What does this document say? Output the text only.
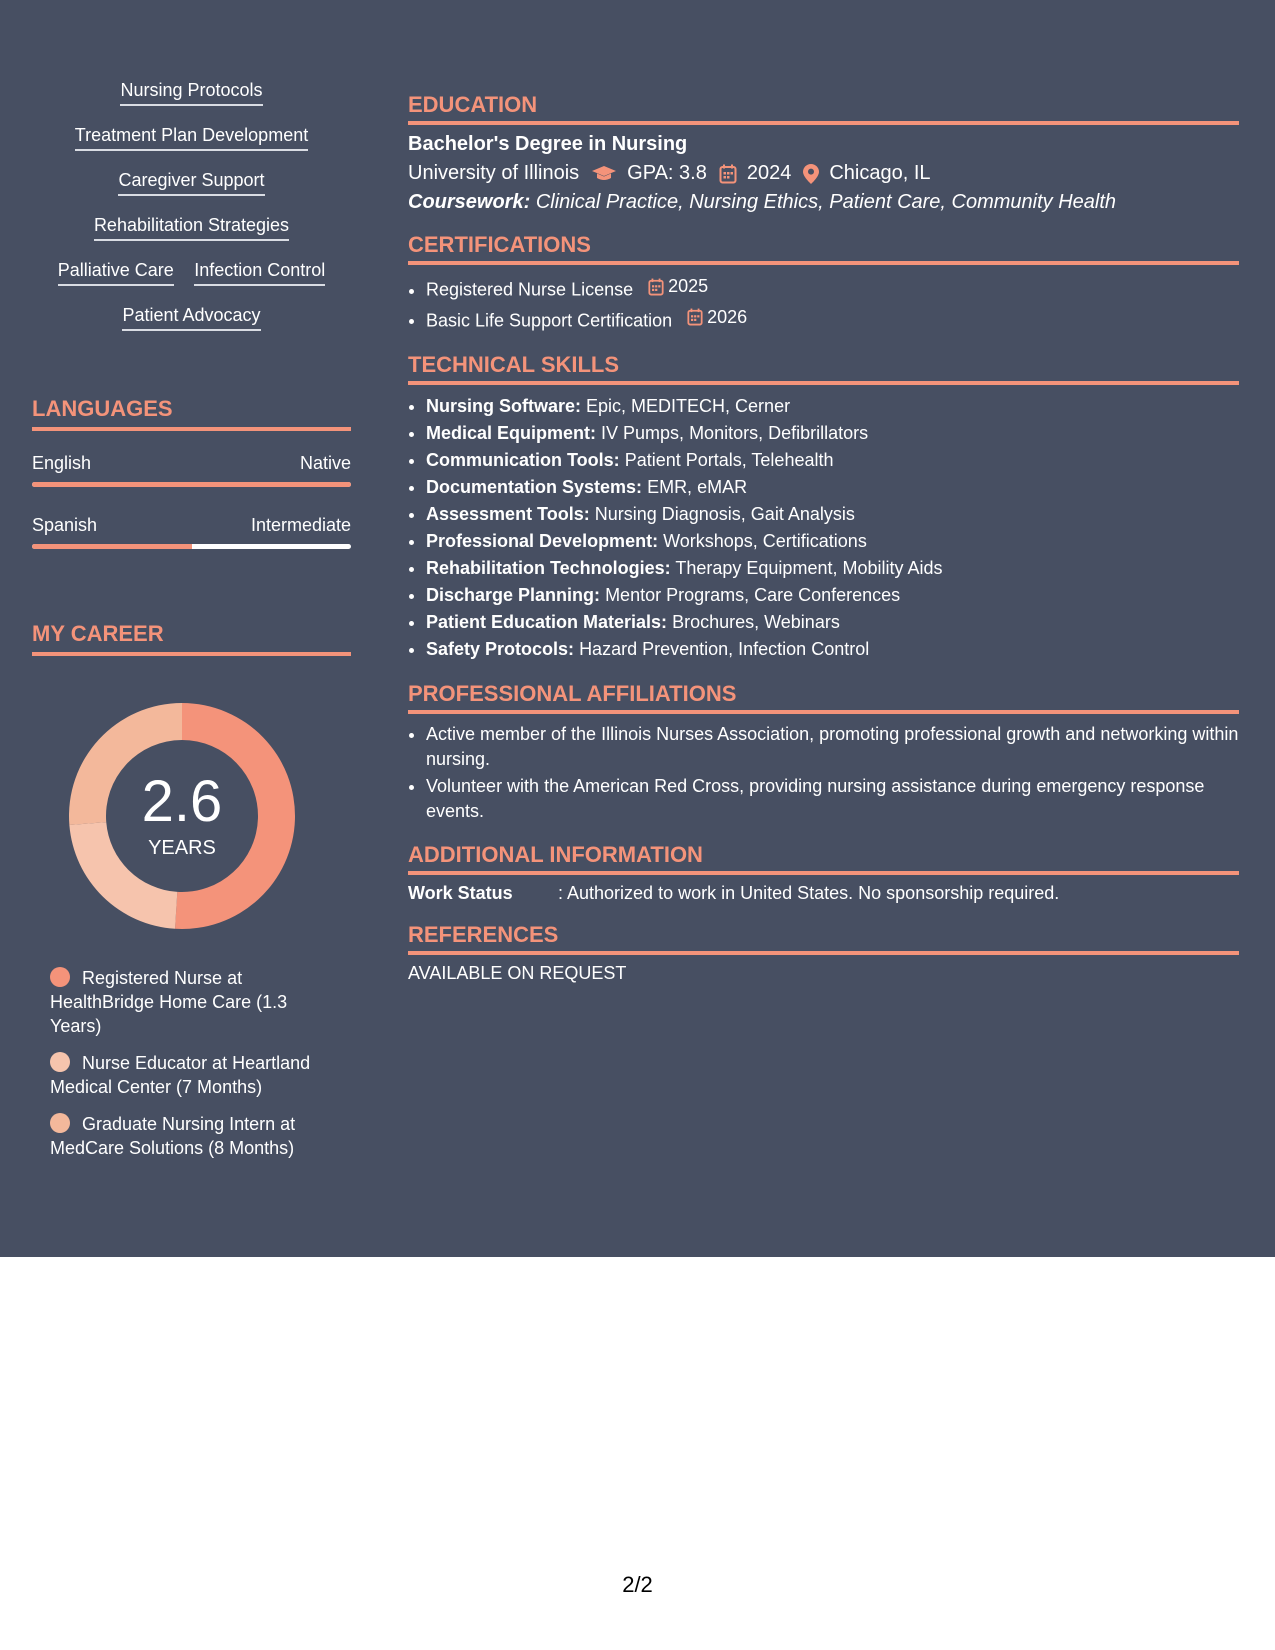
Nursing Protocols
Treatment Plan Development
Caregiver Support
Rehabilitation Strategies
Palliative Care Infection Control
Patient Advocacy
LANGUAGES
English	Native
Spanish	Intermediate
MY CAREER
2.6
YEARS
Registered Nurse at HealthBridge Home Care (1.3 Years)
Nurse Educator at Heartland Medical Center (7 Months)
Graduate Nursing Intern at MedCare Solutions (8 Months)
EDUCATION
Bachelor's Degree in Nursing
University of Illinois GPA: 3.8 2024 Chicago, IL
Coursework: Clinical Practice, Nursing Ethics, Patient Care, Community Health
CERTIFICATIONS
• Registered Nurse License 2025
• Basic Life Support Certification 2026
TECHNICAL SKILLS
• Nursing Software: Epic, MEDITECH, Cerner
• Medical Equipment: IV Pumps, Monitors, Defibrillators
• Communication Tools: Patient Portals, Telehealth
• Documentation Systems: EMR, eMAR
• Assessment Tools: Nursing Diagnosis, Gait Analysis
• Professional Development: Workshops, Certifications
• Rehabilitation Technologies: Therapy Equipment, Mobility Aids
• Discharge Planning: Mentor Programs, Care Conferences
• Patient Education Materials: Brochures, Webinars
• Safety Protocols: Hazard Prevention, Infection Control
PROFESSIONAL AFFILIATIONS
• Active member of the Illinois Nurses Association, promoting professional growth and networking within nursing.
• Volunteer with the American Red Cross, providing nursing assistance during emergency response events.
ADDITIONAL INFORMATION
Work Status	: Authorized to work in United States. No sponsorship required.
REFERENCES
AVAILABLE ON REQUEST
2/2
